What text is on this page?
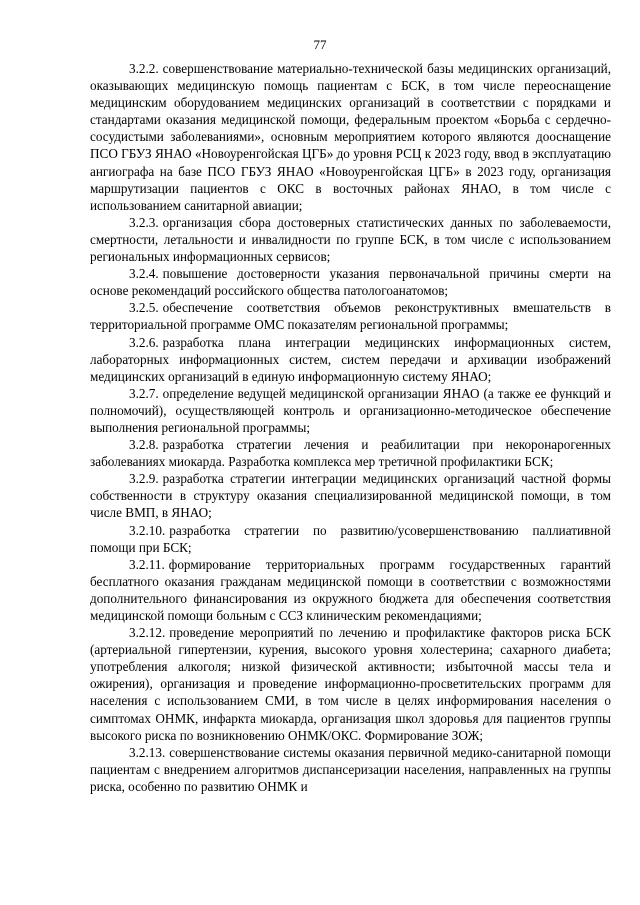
77

3.2.2. совершенствование материально-технической базы медицинских организаций, оказывающих медицинскую помощь пациентам с БСК, в том числе переоснащение медицинским оборудованием медицинских организаций в соответствии с порядками и стандартами оказания медицинской помощи, федеральным проектом «Борьба с сердечно-сосудистыми заболеваниями», основным мероприятием которого являются дооснащение ПСО ГБУЗ ЯНАО «Новоуренгойская ЦГБ» до уровня РСЦ к 2023 году, ввод в эксплуатацию ангиографа на базе ПСО ГБУЗ ЯНАО «Новоуренгойская ЦГБ» в 2023 году, организация маршрутизации пациентов с ОКС в восточных районах ЯНАО, в том числе с использованием санитарной авиации;

3.2.3. организация сбора достоверных статистических данных по заболеваемости, смертности, летальности и инвалидности по группе БСК, в том числе с использованием региональных информационных сервисов;

3.2.4. повышение достоверности указания первоначальной причины смерти на основе рекомендаций российского общества патологоанатомов;

3.2.5. обеспечение соответствия объемов реконструктивных вмешательств в территориальной программе ОМС показателям региональной программы;

3.2.6. разработка плана интеграции медицинских информационных систем, лабораторных информационных систем, систем передачи и архивации изображений медицинских организаций в единую информационную систему ЯНАО;

3.2.7. определение ведущей медицинской организации ЯНАО (а также ее функций и полномочий), осуществляющей контроль и организационно-методическое обеспечение выполнения региональной программы;

3.2.8. разработка стратегии лечения и реабилитации при некоронарогенных заболеваниях миокарда. Разработка комплекса мер третичной профилактики БСК;

3.2.9. разработка стратегии интеграции медицинских организаций частной формы собственности в структуру оказания специализированной медицинской помощи, в том числе ВМП, в ЯНАО;

3.2.10. разработка стратегии по развитию/усовершенствованию паллиативной помощи при БСК;

3.2.11. формирование территориальных программ государственных гарантий бесплатного оказания гражданам медицинской помощи в соответствии с возможностями дополнительного финансирования из окружного бюджета для обеспечения соответствия медицинской помощи больным с ССЗ клиническим рекомендациями;

3.2.12. проведение мероприятий по лечению и профилактике факторов риска БСК (артериальной гипертензии, курения, высокого уровня холестерина; сахарного диабета; употребления алкоголя; низкой физической активности; избыточной массы тела и ожирения), организация и проведение информационно-просветительских программ для населения с использованием СМИ, в том числе в целях информирования населения о симптомах ОНМК, инфаркта миокарда, организация школ здоровья для пациентов группы высокого риска по возникновению ОНМК/ОКС. Формирование ЗОЖ;

3.2.13. совершенствование системы оказания первичной медико-санитарной помощи пациентам с внедрением алгоритмов диспансеризации населения, направленных на группы риска, особенно по развитию ОНМК и
